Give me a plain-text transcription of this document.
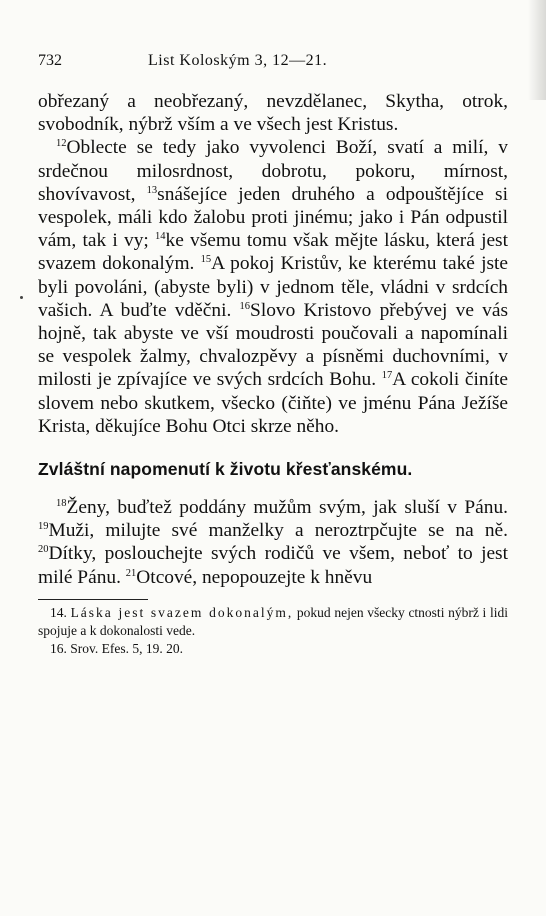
732	List Koloským 3, 12—21.

obřezaný a neobřezaný, nevzdělanec, Skytha, otrok, svobodník, nýbrž vším a ve všech jest Kristus.

$^{12}$Oblecte se tedy jako vyvolenci Boží, svatí a milí, v srdečnou milosrdnost, dobrotu, pokoru, mírnost, shovívavost, $^{13}$snášejíce jeden druhého a odpouštějíce si vespolek, máli kdo žalobu proti jinému; jako i Pán odpustil vám, tak i vy; $^{14}$ke všemu tomu však mějte lásku, která jest svazem dokonalým. $^{15}$A pokoj Kristův, ke kterému také jste byli povoláni, (abyste byli) v jednom těle, vládni v srdcích vašich. A buďte vděčni. $^{16}$Slovo Kristovo přebývej ve vás hojně, tak abyste ve vší moudrosti poučovali a napomínali se vespolek žalmy, chvalozpěvy a písněmi duchovními, v milosti je zpívajíce ve svých srdcích Bohu. $^{17}$A cokoli činíte slovem nebo skutkem, všecko (čiňte) ve jménu Pána Ježíše Krista, děkujíce Bohu Otci skrze něho.

Zvláštní napomenutí k životu křesťanskému.

$^{18}$Ženy, buďtež poddány mužům svým, jak sluší v Pánu. $^{19}$Muži, milujte své manželky a neroztrpčujte se na ně. $^{20}$Dítky, poslouchejte svých rodičů ve všem, neboť to jest milé Pánu. $^{21}$Otcové, nepopouzejte k hněvu

14. Láska jest svazem dokonalým, pokud nejen všecky ctnosti nýbrž i lidi spojuje a k dokonalosti vede.

16. Srov. Efes. 5, 19. 20.
